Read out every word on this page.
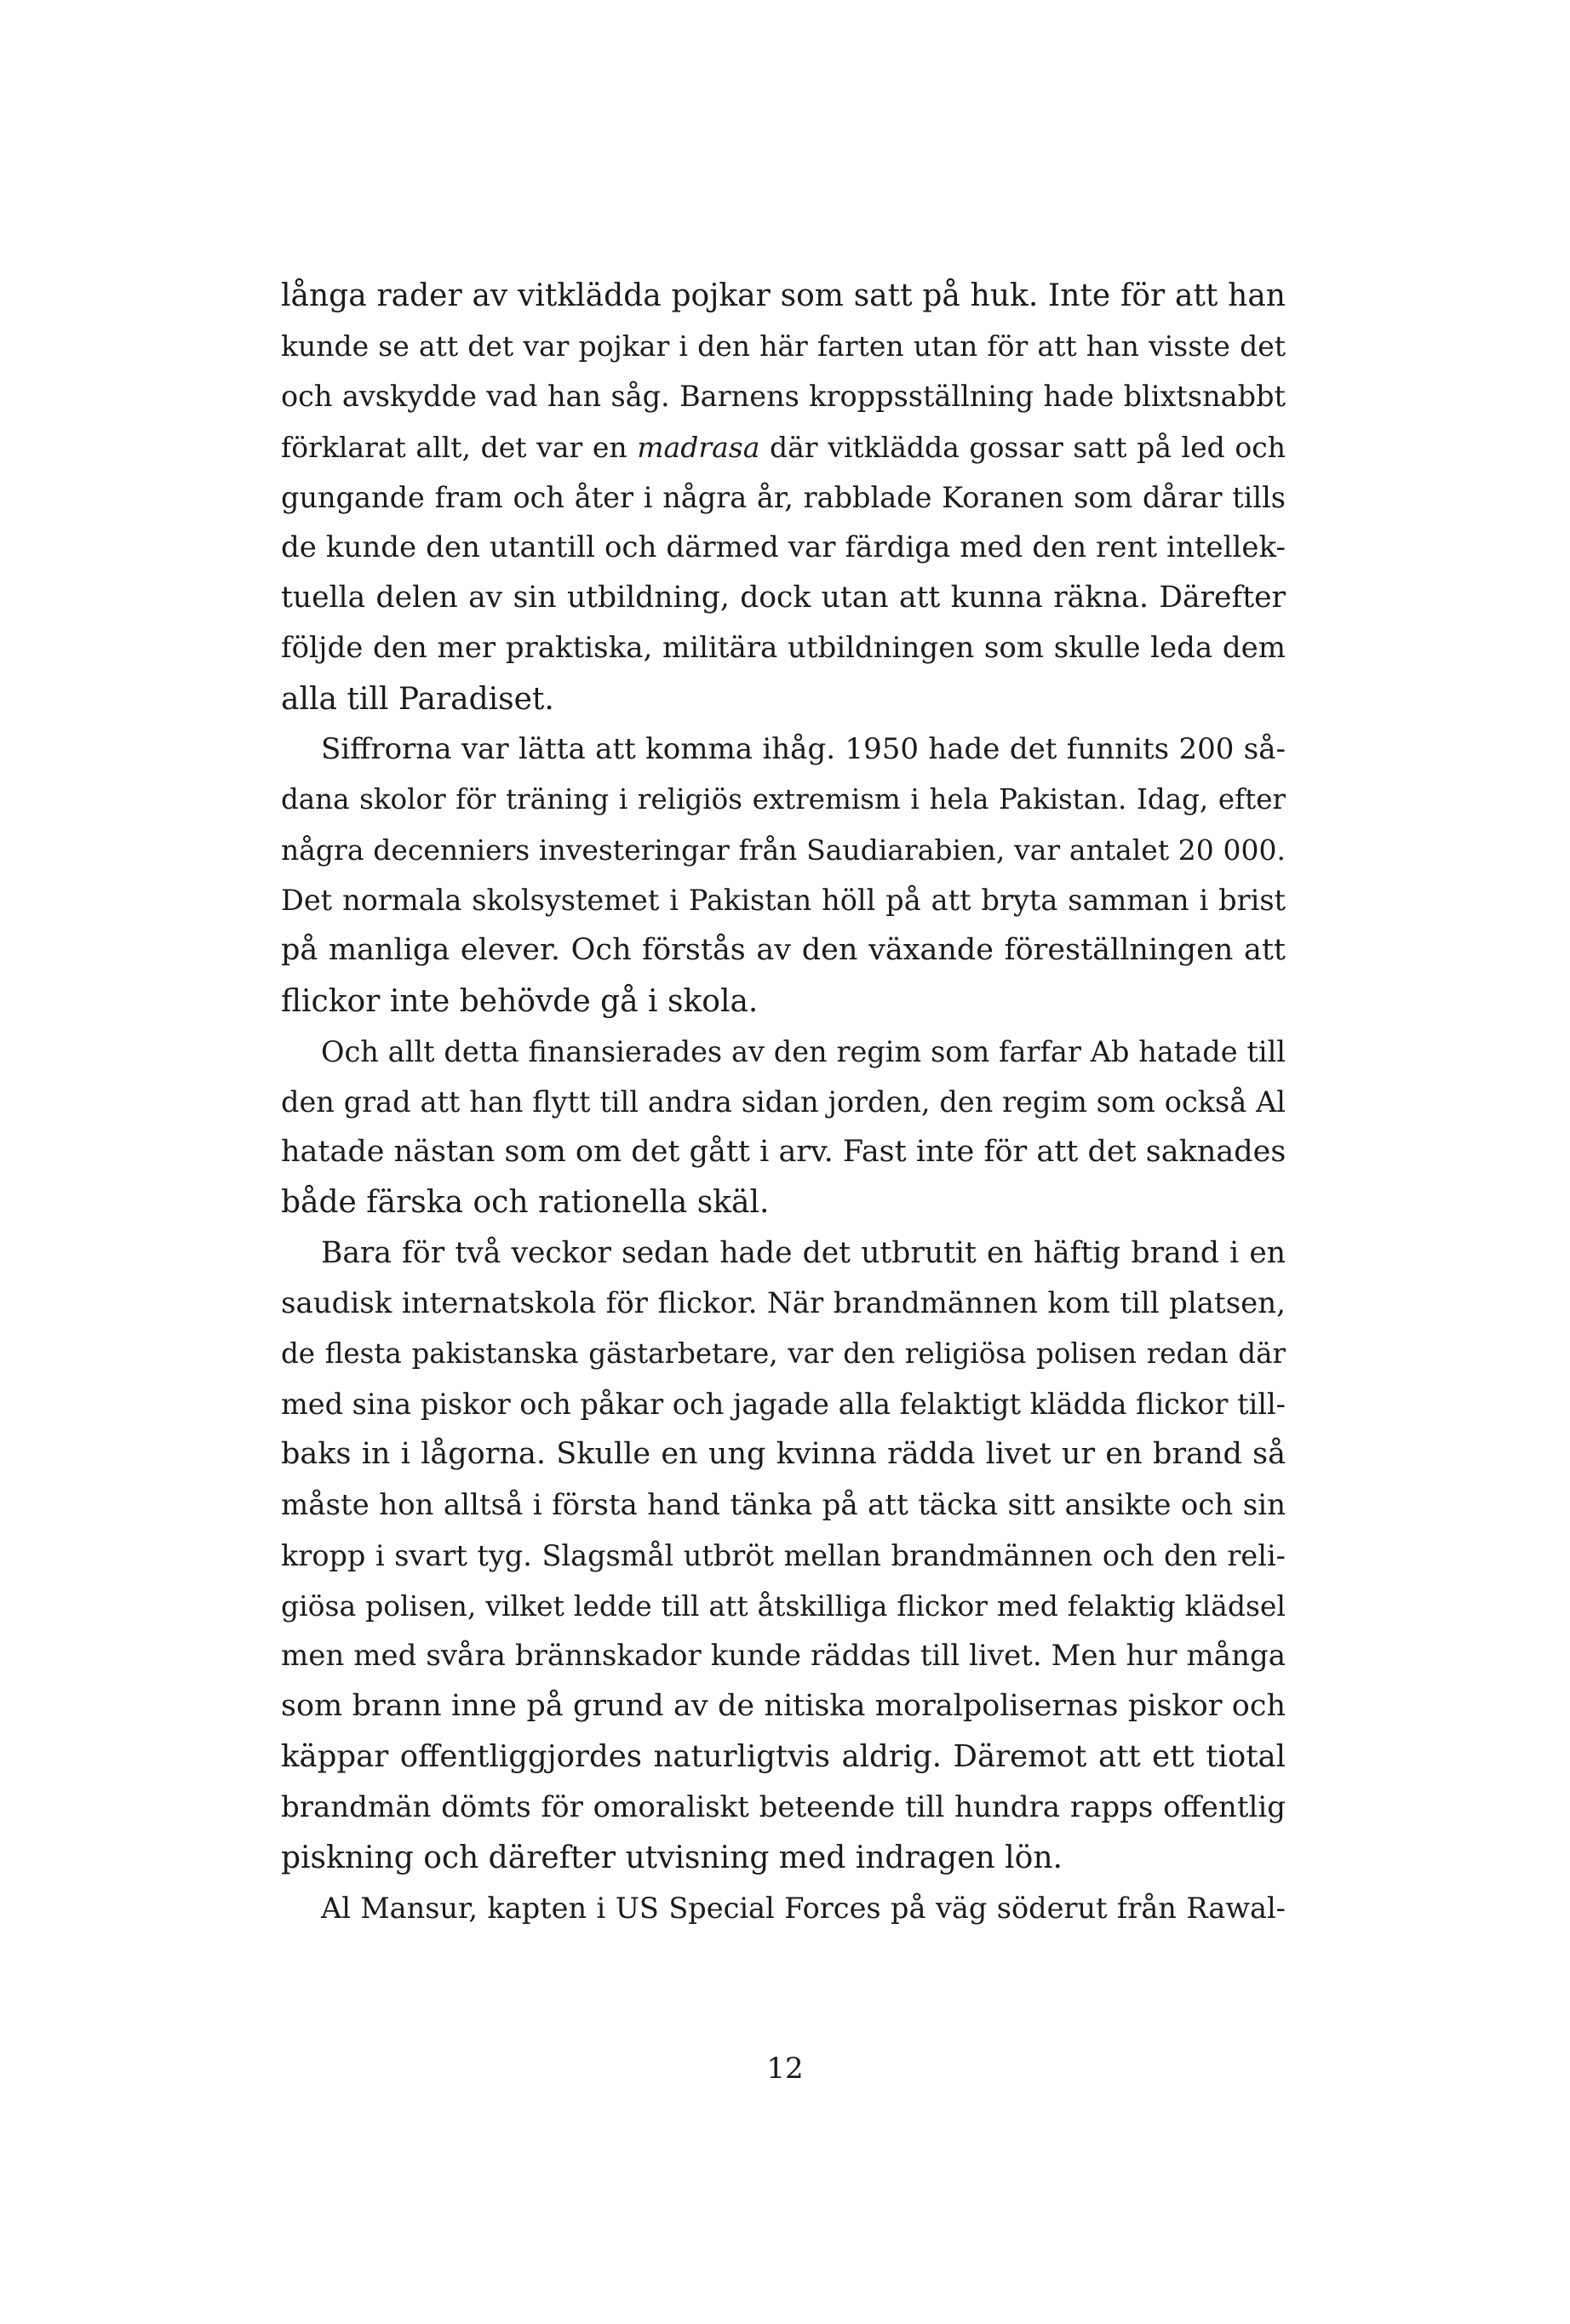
långa rader av vitklädda pojkar som satt på huk. Inte för att han
kunde se att det var pojkar i den här farten utan för att han visste det
och avskydde vad han såg. Barnens kroppsställning hade blixtsnabbt
förklarat allt, det var en madrasa där vitklädda gossar satt på led och
gungande fram och åter i några år, rabblade Koranen som dårar tills
de kunde den utantill och därmed var färdiga med den rent intellek-
tuella delen av sin utbildning, dock utan att kunna räkna. Därefter
följde den mer praktiska, militära utbildningen som skulle leda dem
alla till Paradiset.
Siffrorna var lätta att komma ihåg. 1950 hade det funnits 200 så-
dana skolor för träning i religiös extremism i hela Pakistan. Idag, efter
några decenniers investeringar från Saudiarabien, var antalet 20 000.
Det normala skolsystemet i Pakistan höll på att bryta samman i brist
på manliga elever. Och förstås av den växande föreställningen att
flickor inte behövde gå i skola.
Och allt detta finansierades av den regim som farfar Ab hatade till
den grad att han flytt till andra sidan jorden, den regim som också Al
hatade nästan som om det gått i arv. Fast inte för att det saknades
både färska och rationella skäl.
Bara för två veckor sedan hade det utbrutit en häftig brand i en
saudisk internatskola för flickor. När brandmännen kom till platsen,
de flesta pakistanska gästarbetare, var den religiösa polisen redan där
med sina piskor och påkar och jagade alla felaktigt klädda flickor till-
baks in i lågorna. Skulle en ung kvinna rädda livet ur en brand så
måste hon alltså i första hand tänka på att täcka sitt ansikte och sin
kropp i svart tyg. Slagsmål utbröt mellan brandmännen och den reli-
giösa polisen, vilket ledde till att åtskilliga flickor med felaktig klädsel
men med svåra brännskador kunde räddas till livet. Men hur många
som brann inne på grund av de nitiska moralpolisernas piskor och
käppar offentliggjordes naturligtvis aldrig. Däremot att ett tiotal
brandmän dömts för omoraliskt beteende till hundra rapps offentlig
piskning och därefter utvisning med indragen lön.
Al Mansur, kapten i US Special Forces på väg söderut från Rawal-
12
